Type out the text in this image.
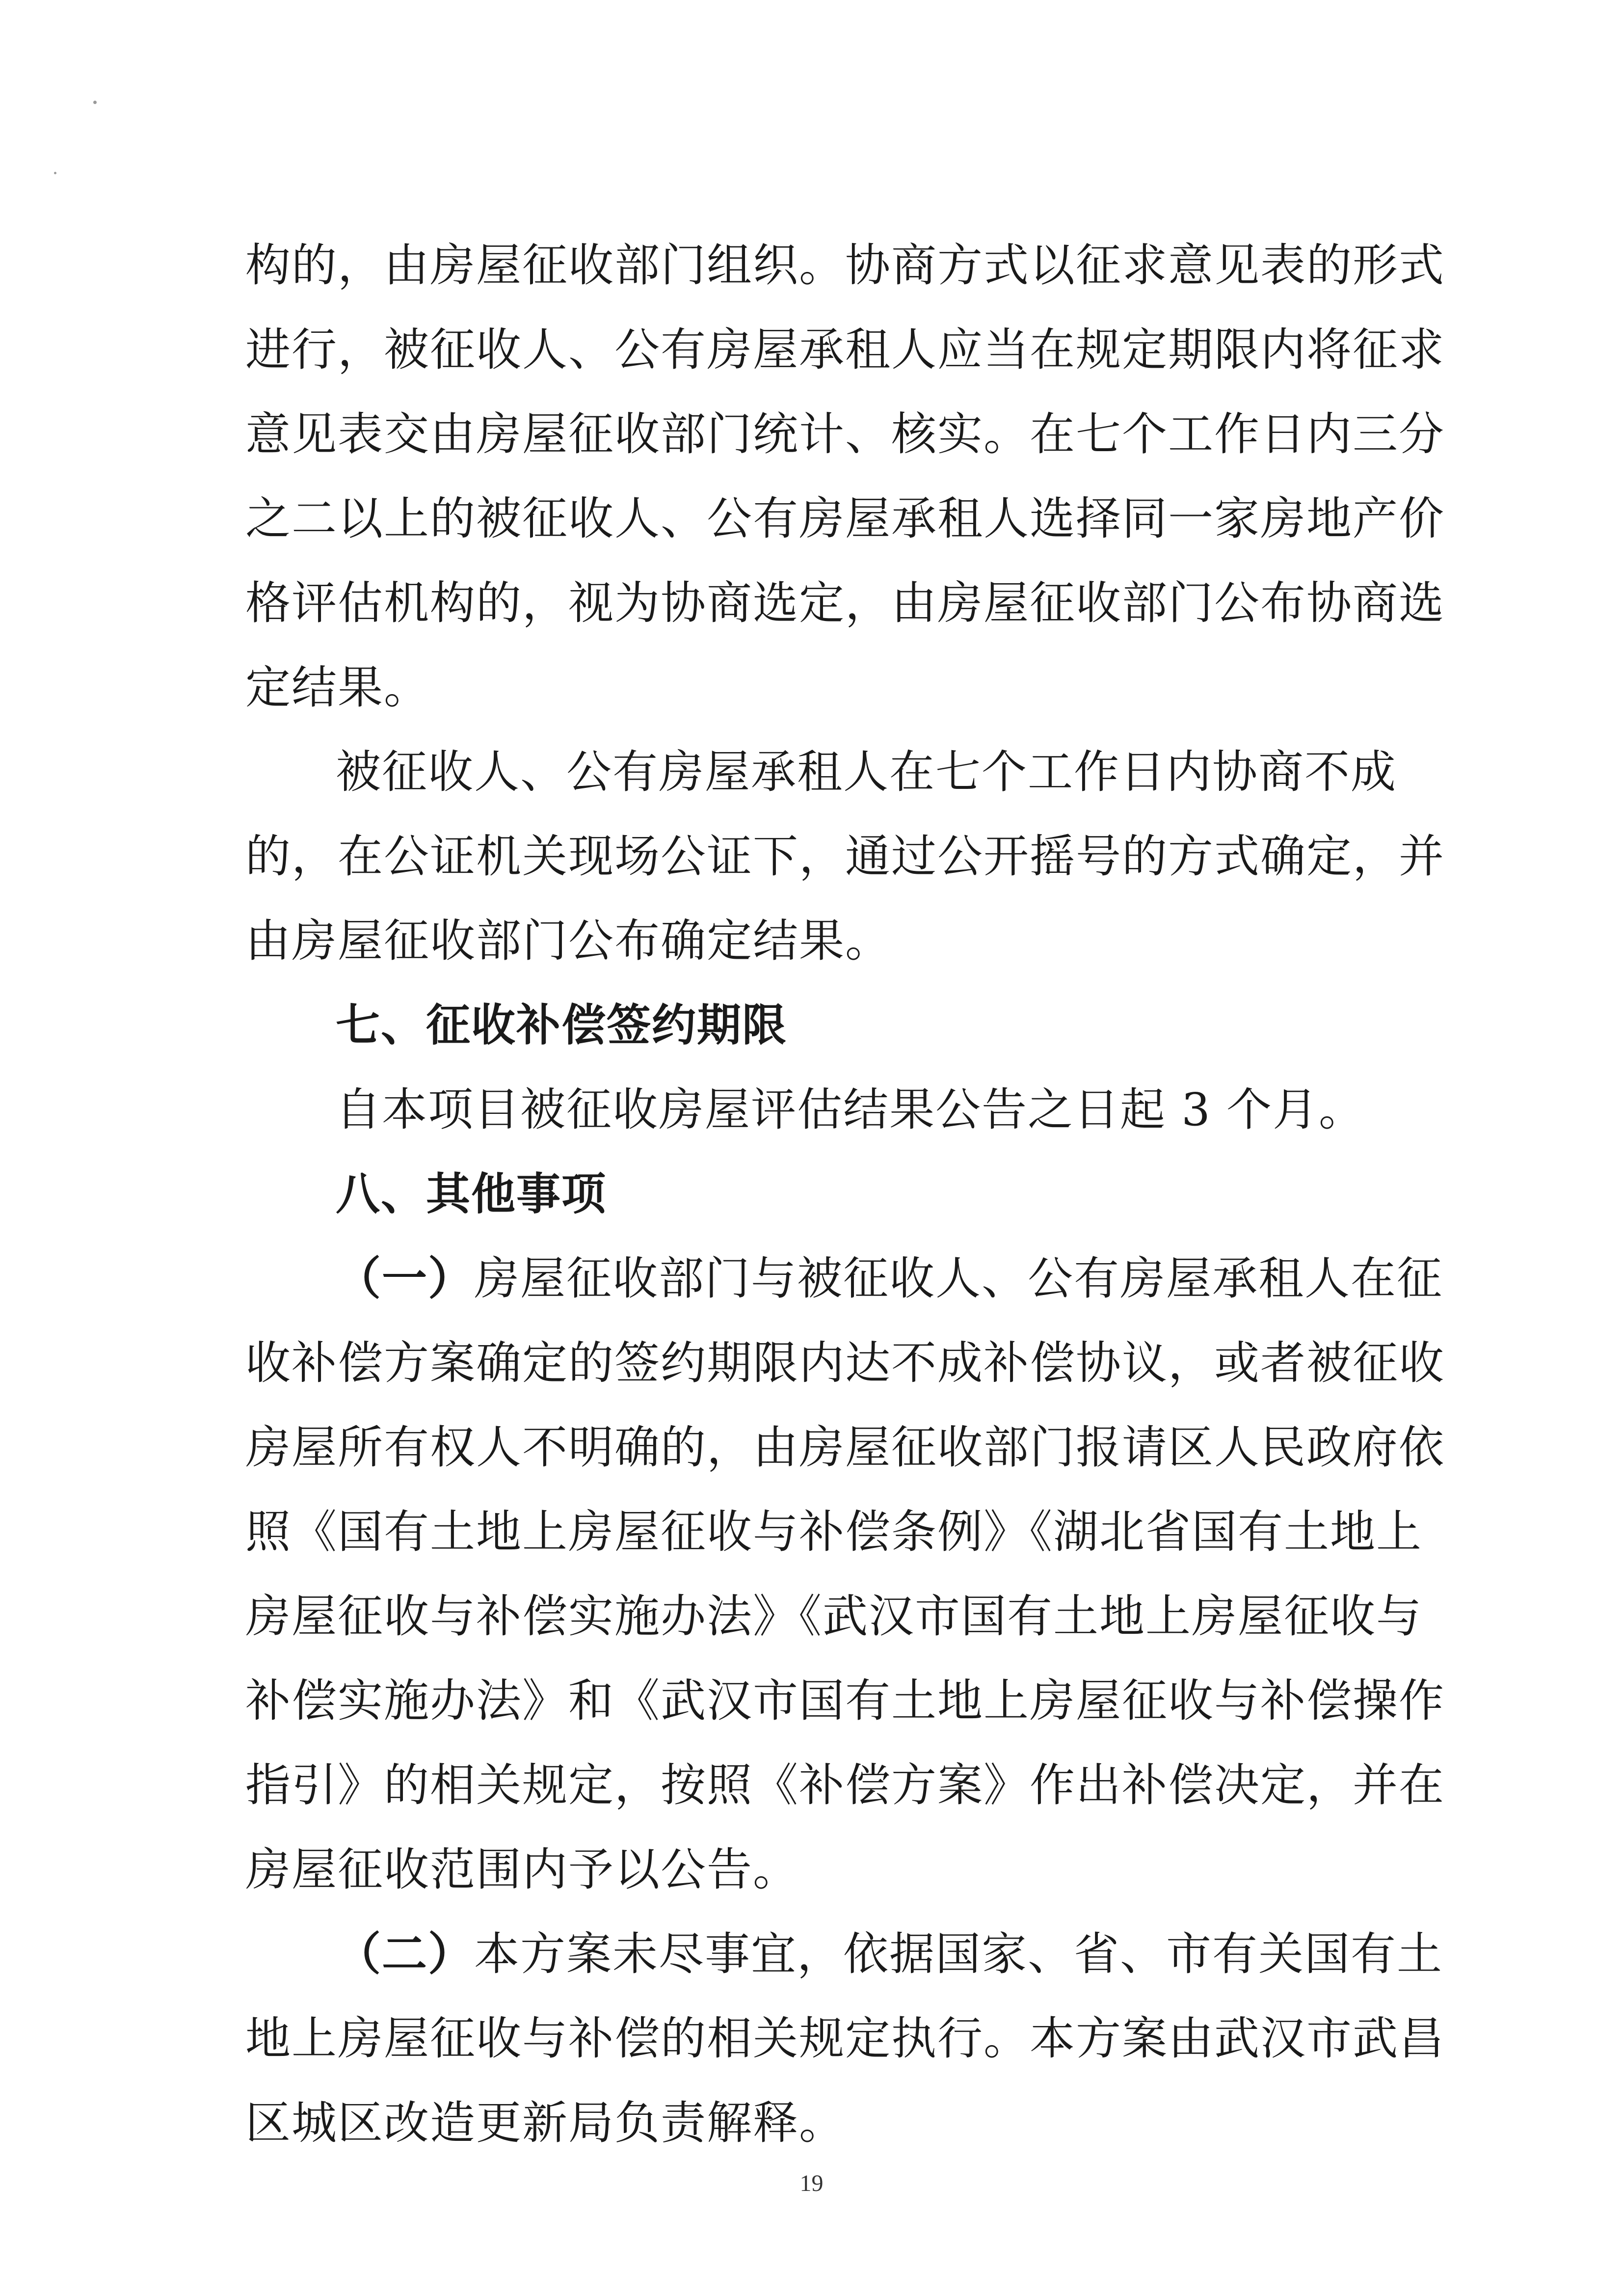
构的，由房屋征收部门组织。协商方式以征求意见表的形式
进行，被征收人、公有房屋承租人应当在规定期限内将征求
意见表交由房屋征收部门统计、核实。在七个工作日内三分
之二以上的被征收人、公有房屋承租人选择同一家房地产价
格评估机构的，视为协商选定，由房屋征收部门公布协商选
定结果。
被征收人、公有房屋承租人在七个工作日内协商不成
的，在公证机关现场公证下，通过公开摇号的方式确定，并
由房屋征收部门公布确定结果。
七、征收补偿签约期限
自本项目被征收房屋评估结果公告之日起 3 个月。
八、其他事项
（一）房屋征收部门与被征收人、公有房屋承租人在征
收补偿方案确定的签约期限内达不成补偿协议，或者被征收
房屋所有权人不明确的，由房屋征收部门报请区人民政府依
照《国有土地上房屋征收与补偿条例》《湖北省国有土地上
房屋征收与补偿实施办法》《武汉市国有土地上房屋征收与
补偿实施办法》和《武汉市国有土地上房屋征收与补偿操作
指引》的相关规定，按照《补偿方案》作出补偿决定，并在
房屋征收范围内予以公告。
（二）本方案未尽事宜，依据国家、省、市有关国有土
地上房屋征收与补偿的相关规定执行。本方案由武汉市武昌
区城区改造更新局负责解释。
19
